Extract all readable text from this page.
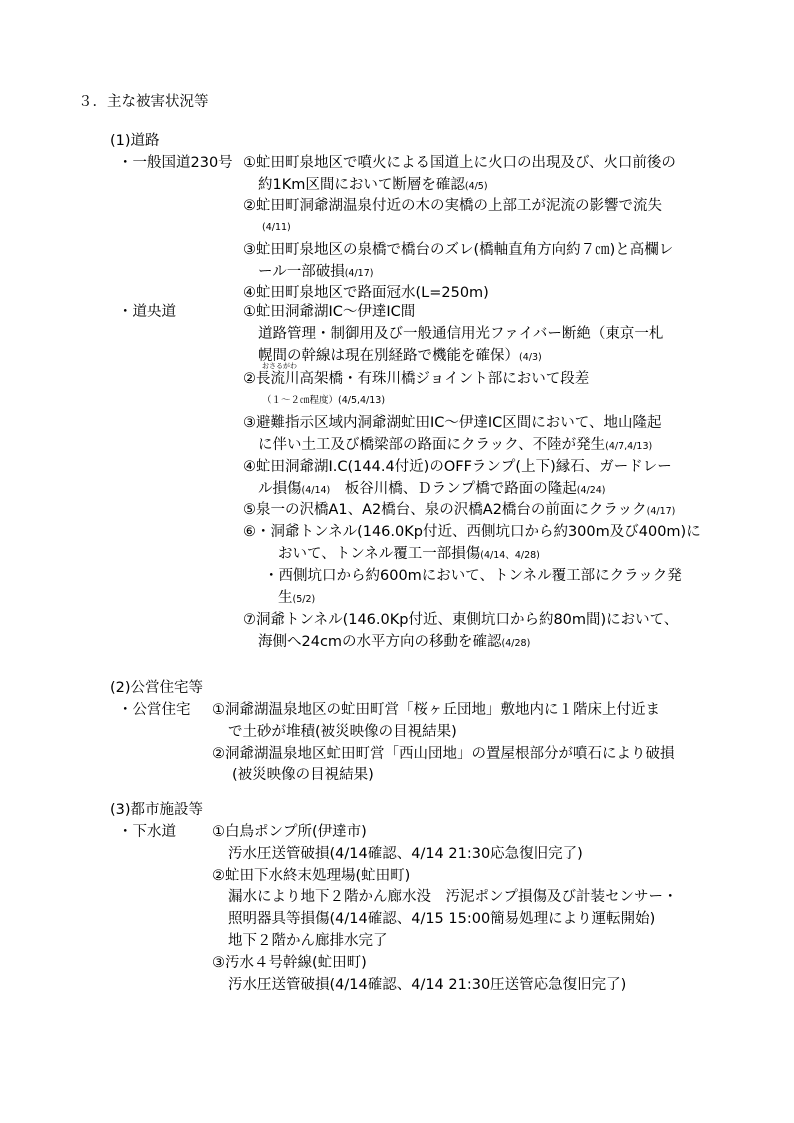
３．主な被害状況等
(1)道路
・一般国道230号 ①虻田町泉地区で噴火による国道上に火口の出現及び、火口前後の
約1Km区間において断層を確認(4/5)
②虻田町洞爺湖温泉付近の木の実橋の上部工が泥流の影響で流失
(4/11)
③虻田町泉地区の泉橋で橋台のズレ(橋軸直角方向約７㎝)と高欄レ
ール一部破損(4/17)
④虻田町泉地区で路面冠水(L=250m)
・道央道	①虻田洞爺湖IC～伊達IC間
道路管理・制御用及び一般通信用光ファイバー断絶（東京一札
幌間の幹線は現在別経路で機能を確保）(4/3)
おさるがわ
②長流川高架橋・有珠川橋ジョイント部において段差
（１～２㎝程度）(4/5,4/13)
③避難指示区域内洞爺湖虻田IC～伊達IC区間において、地山隆起
に伴い土工及び橋梁部の路面にクラック、不陸が発生(4/7,4/13)
④虻田洞爺湖I.C(144.4付近)のOFFランプ(上下)縁石、ガードレー
ル損傷(4/14)　 板谷川橋、Ｄランプ橋で路面の隆起(4/24)
⑤泉一の沢橋A1、A2橋台、泉の沢橋A2橋台の前面にクラック(4/17)
⑥・洞爺トンネル(146.0Kp付近、西側坑口から約300m及び400m)に
おいて、トンネル覆工一部損傷(4/14、4/28)
・西側坑口から約600mにおいて、トンネル覆工部にクラック発
生(5/2)
⑦洞爺トンネル(146.0Kp付近、東側坑口から約80m間)において、
海側へ24cmの水平方向の移動を確認(4/28)
(2)公営住宅等
・公営住宅 ①洞爺湖温泉地区の虻田町営「桜ヶ丘団地」敷地内に１階床上付近ま
で土砂が堆積(被災映像の目視結果)
②洞爺湖温泉地区虻田町営「西山団地」の置屋根部分が噴石により破損
(被災映像の目視結果)
(3)都市施設等
・下水道 ①白鳥ポンプ所(伊達市)
汚水圧送管破損(4/14確認、4/14 21:30応急復旧完了)
②虻田下水終末処理場(虻田町)
漏水により地下２階かん廊水没　汚泥ポンプ損傷及び計装センサー・
照明器具等損傷(4/14確認、4/15 15:00簡易処理により運転開始)
地下２階かん廊排水完了
③汚水４号幹線(虻田町)
汚水圧送管破損(4/14確認、4/14 21:30圧送管応急復旧完了)
